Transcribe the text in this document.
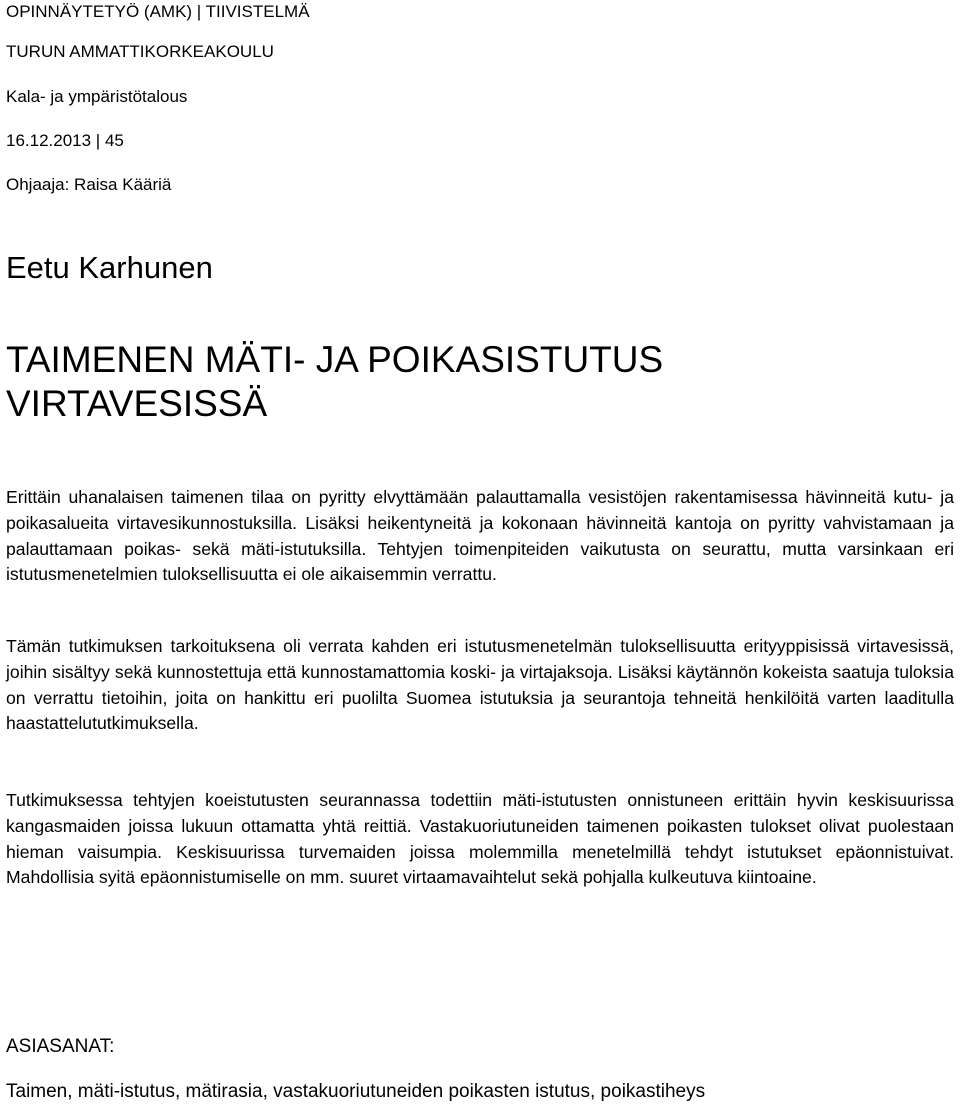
OPINNÄYTETYÖ (AMK) | TIIVISTELMÄ
TURUN AMMATTIKORKEAKOULU
Kala- ja ympäristötalous
16.12.2013 | 45
Ohjaaja: Raisa Kääriä
Eetu Karhunen
TAIMENEN MÄTI- JA POIKASISTUTUS
VIRTAVESISSÄ

Erittäin uhanalaisen taimenen tilaa on pyritty elvyttämään palauttamalla vesistöjen rakentamisessa hävinneitä kutu- ja poikasalueita virtavesikunnostuksilla. Lisäksi heikentyneitä ja kokonaan hävinneitä kantoja on pyritty vahvistamaan ja palauttamaan poikas- sekä mäti-istutuksilla. Tehtyjen toimenpiteiden vaikutusta on seurattu, mutta varsinkaan eri istutusmenetelmien tuloksellisuutta ei ole aikaisemmin verrattu.

Tämän tutkimuksen tarkoituksena oli verrata kahden eri istutusmenetelmän tuloksellisuutta erityyppisissä virtavesissä, joihin sisältyy sekä kunnostettuja että kunnostamattomia koski- ja virtajaksoja. Lisäksi käytännön kokeista saatuja tuloksia on verrattu tietoihin, joita on hankittu eri puolilta Suomea istutuksia ja seurantoja tehneitä henkilöitä varten laaditulla haastattelututkimuksella.

Tutkimuksessa tehtyjen koeistutusten seurannassa todettiin mäti-istutusten onnistuneen erittäin hyvin keskisuurissa kangasmaiden joissa lukuun ottamatta yhtä reittiä. Vastakuoriutuneiden taimenen poikasten tulokset olivat puolestaan hieman vaisumpia. Keskisuurissa turvemaiden joissa molemmilla menetelmillä tehdyt istutukset epäonnistuivat. Mahdollisia syitä epäonnistumiselle on mm. suuret virtaamavaihtelut sekä pohjalla kulkeutuva kiintoaine.

ASIASANAT:
Taimen, mäti-istutus, mätirasia, vastakuoriutuneiden poikasten istutus, poikastiheys
